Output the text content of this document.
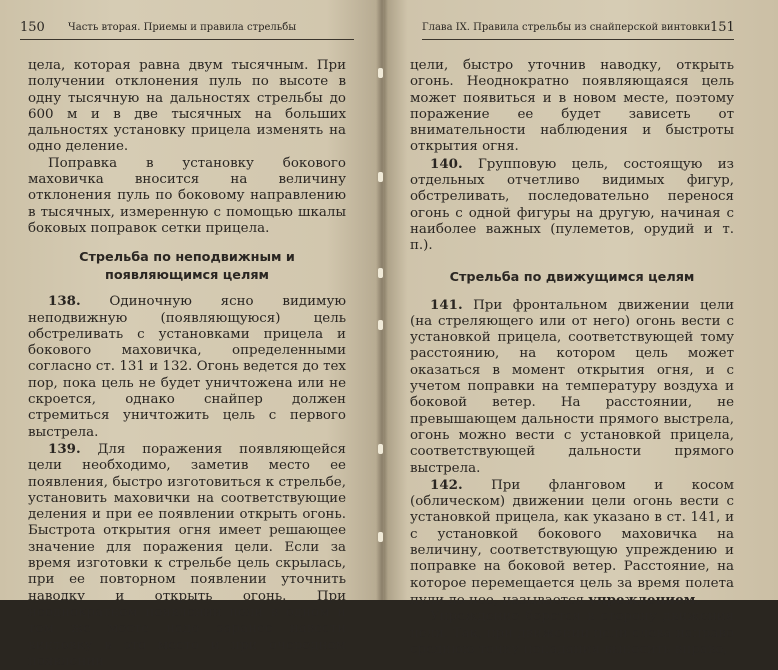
150 Часть вторая. Приемы и правила стрельбы

цела, которая равна двум тысячным. При получении отклонения пуль по высоте в одну тысячную на дальностях стрельбы до 600 м и в две тысячных на больших дальностях установку прицела изменять на одно деление.

Поправка в установку бокового маховичка вносится на величину отклонения пуль по боковому направлению в тысячных, измеренную с помощью шкалы боковых поправок сетки прицела.

Стрельба по неподвижным и появляющимся целям

138. Одиночную ясно видимую неподвижную (появляющуюся) цель обстреливать с установками прицела и бокового маховичка, определенными согласно ст. 131 и 132. Огонь ведется до тех пор, пока цель не будет уничтожена или не скроется, однако снайпер должен стремиться уничтожить цель с первого выстрела.

139. Для поражения появляющейся цели необходимо, заметив место ее появления, быстро изготовиться к стрельбе, установить маховички на соответствующие деления и при ее появлении открыть огонь. Быстрота открытия огня имеет решающее значение для поражения цели. Если за время изготовки к стрельбе цель скрылась, при ее повторном появлении уточнить наводку и открыть огонь. При неоднократном появлении цели в одном и том же месте надо заранее навести винтовку в это место и при очередном появлении

Глава IX. Правила стрельбы из снайперской винтовки 151

цели, быстро уточнив наводку, открыть огонь. Неоднократно появляющаяся цель может появиться и в новом месте, поэтому поражение ее будет зависеть от внимательности наблюдения и быстроты открытия огня.

140. Групповую цель, состоящую из отдельных отчетливо видимых фигур, обстреливать, последовательно перенося огонь с одной фигуры на другую, начиная с наиболее важных (пулеметов, орудий и т. п.).

Стрельба по движущимся целям

141. При фронтальном движении цели (на стреляющего или от него) огонь вести с установкой прицела, соответствующей тому расстоянию, на котором цель может оказаться в момент открытия огня, и с учетом поправки на температуру воздуха и боковой ветер. На расстоянии, не превышающем дальности прямого выстрела, огонь можно вести с установкой прицела, соответствующей дальности прямого выстрела.

142. При фланговом и косом (облическом) движении цели огонь вести с установкой прицела, как указано в ст. 141, и с установкой бокового маховичка на величину, соответствующую упреждению и поправке на боковой ветер. Расстояние, на которое перемещается цель за время полета пули до нее, называется упреждением.

Упреждение берется в сторону движения цели. Так, при движении цели слева направо среднюю точку попадания выносить вправо,
